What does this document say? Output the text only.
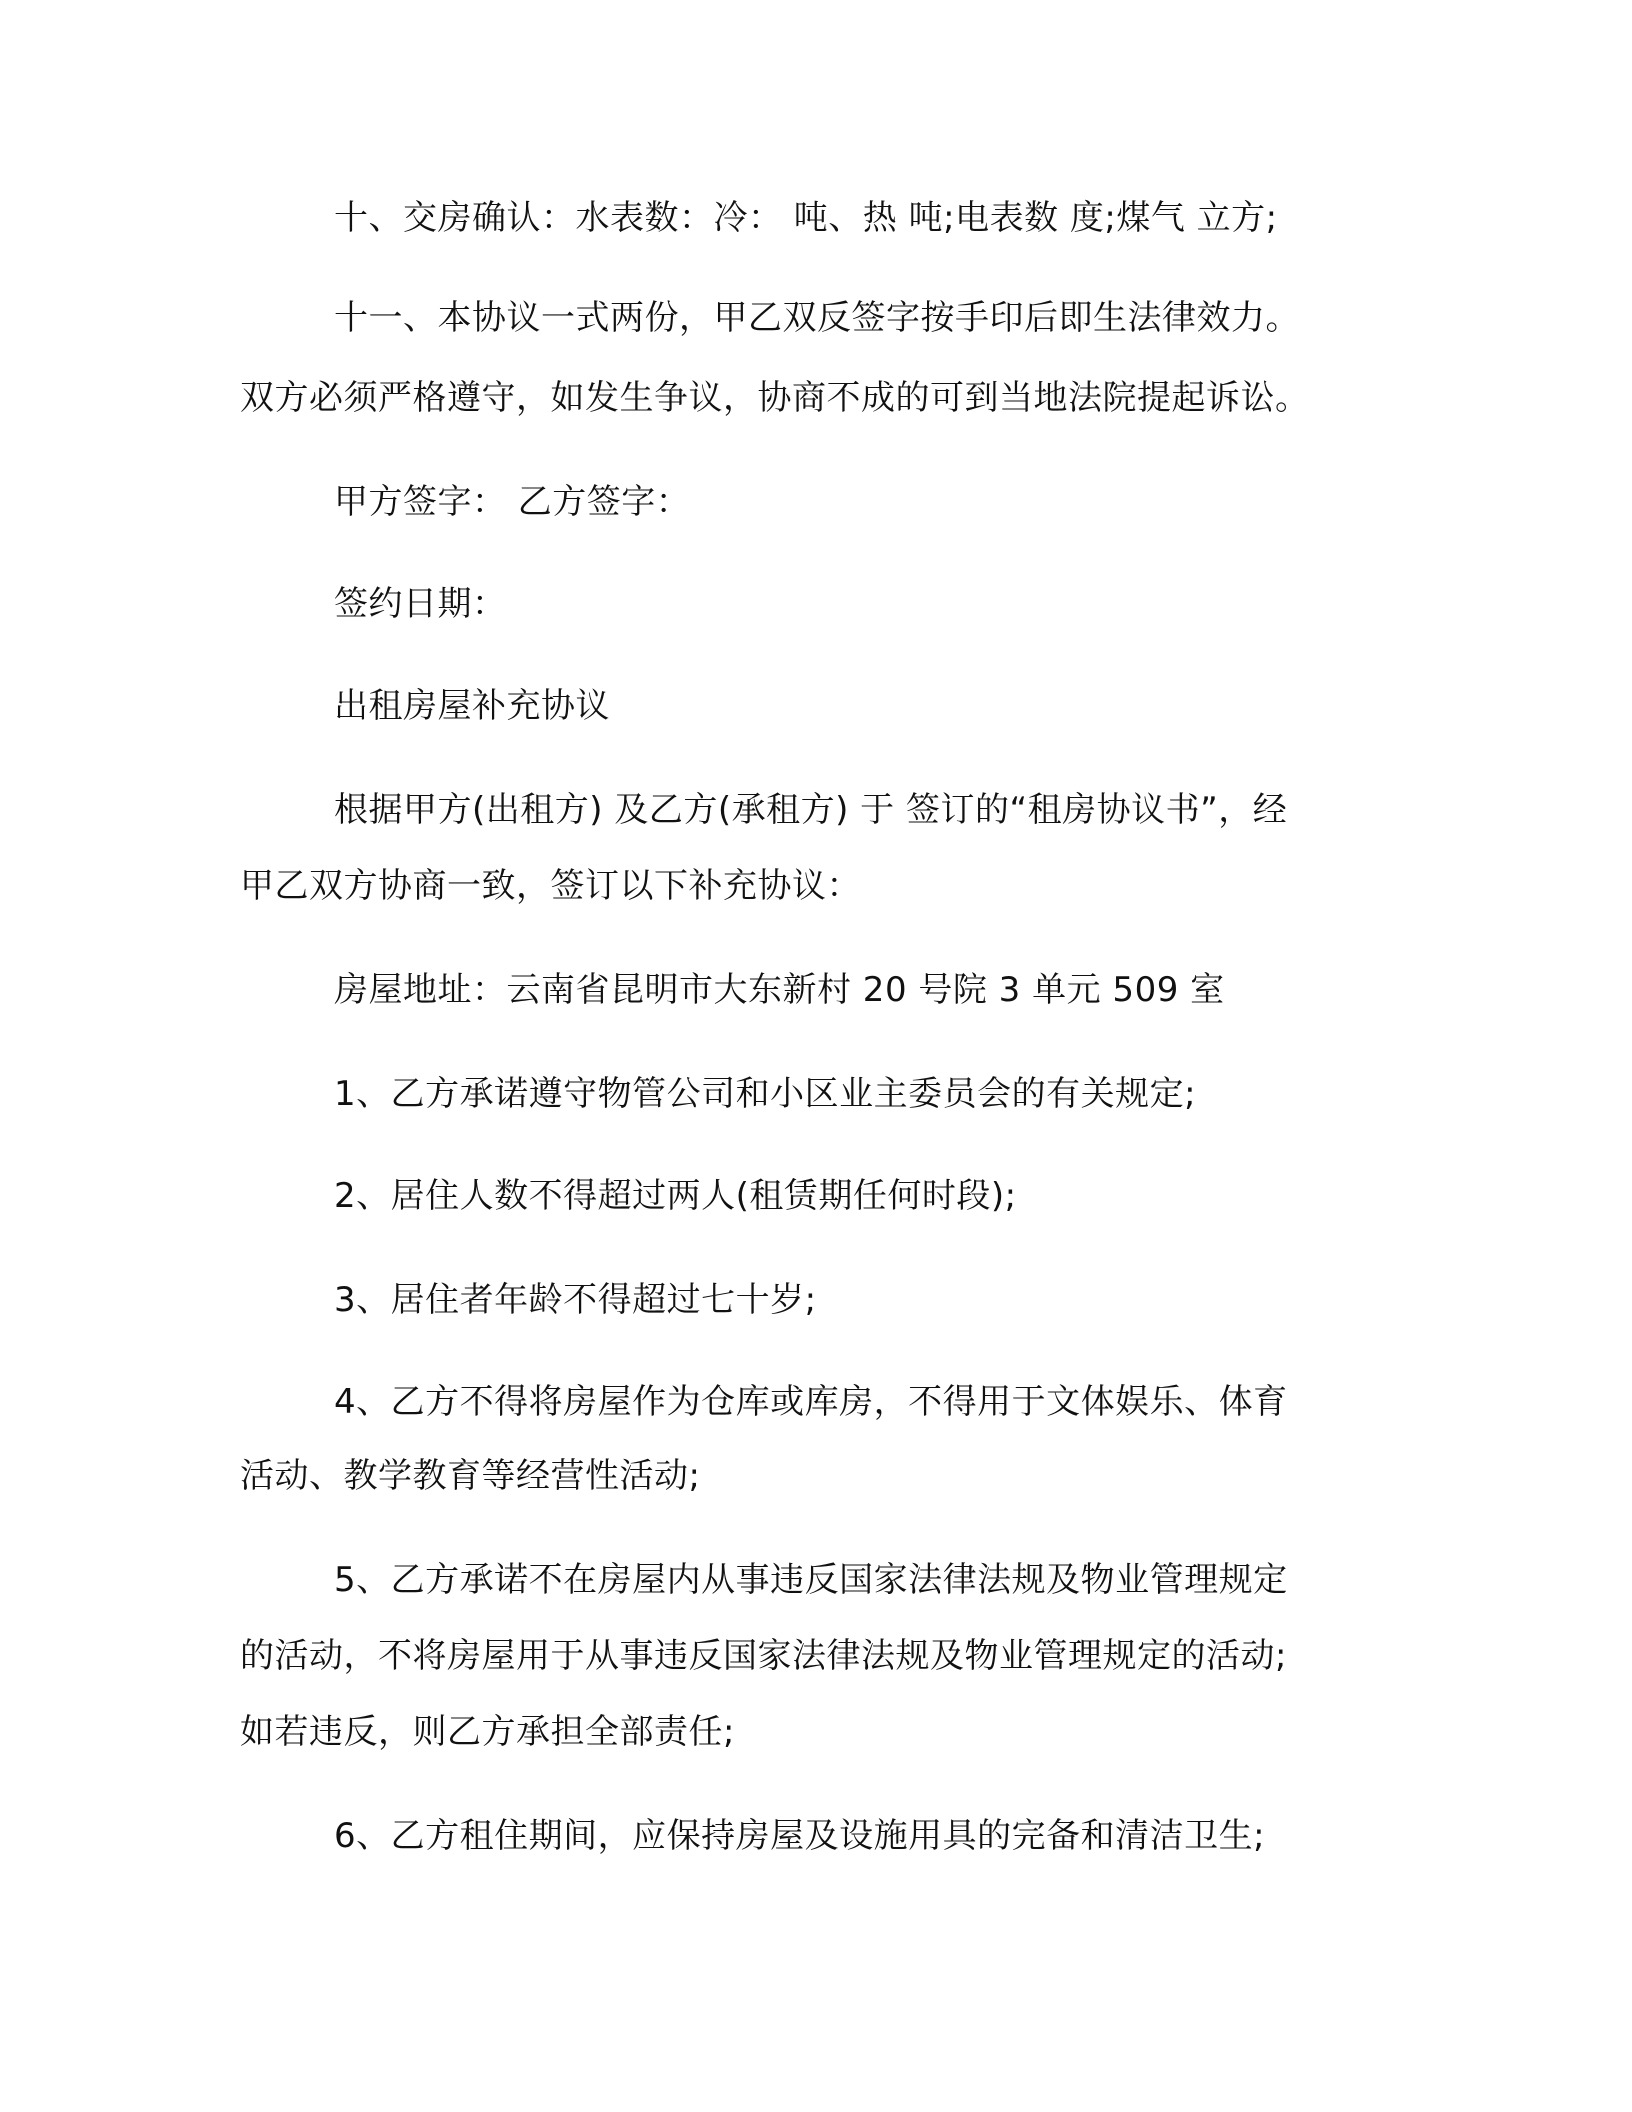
十、交房确认：水表数：冷： 吨、热 吨;电表数 度;煤气 立方;

十一、本协议一式两份，甲乙双反签字按手印后即生法律效力。

双方必须严格遵守，如发生争议，协商不成的可到当地法院提起诉讼。

甲方签字： 乙方签字：

签约日期：

出租房屋补充协议

根据甲方(出租方) 及乙方(承租方) 于 签订的“租房协议书”，经

甲乙双方协商一致，签订以下补充协议：

房屋地址：云南省昆明市大东新村 20 号院 3 单元 509 室

1、乙方承诺遵守物管公司和小区业主委员会的有关规定;

2、居住人数不得超过两人(租赁期任何时段);

3、居住者年龄不得超过七十岁;

4、乙方不得将房屋作为仓库或库房，不得用于文体娱乐、体育

活动、教学教育等经营性活动;

5、乙方承诺不在房屋内从事违反国家法律法规及物业管理规定

的活动，不将房屋用于从事违反国家法律法规及物业管理规定的活动;

如若违反，则乙方承担全部责任;

6、乙方租住期间，应保持房屋及设施用具的完备和清洁卫生;
